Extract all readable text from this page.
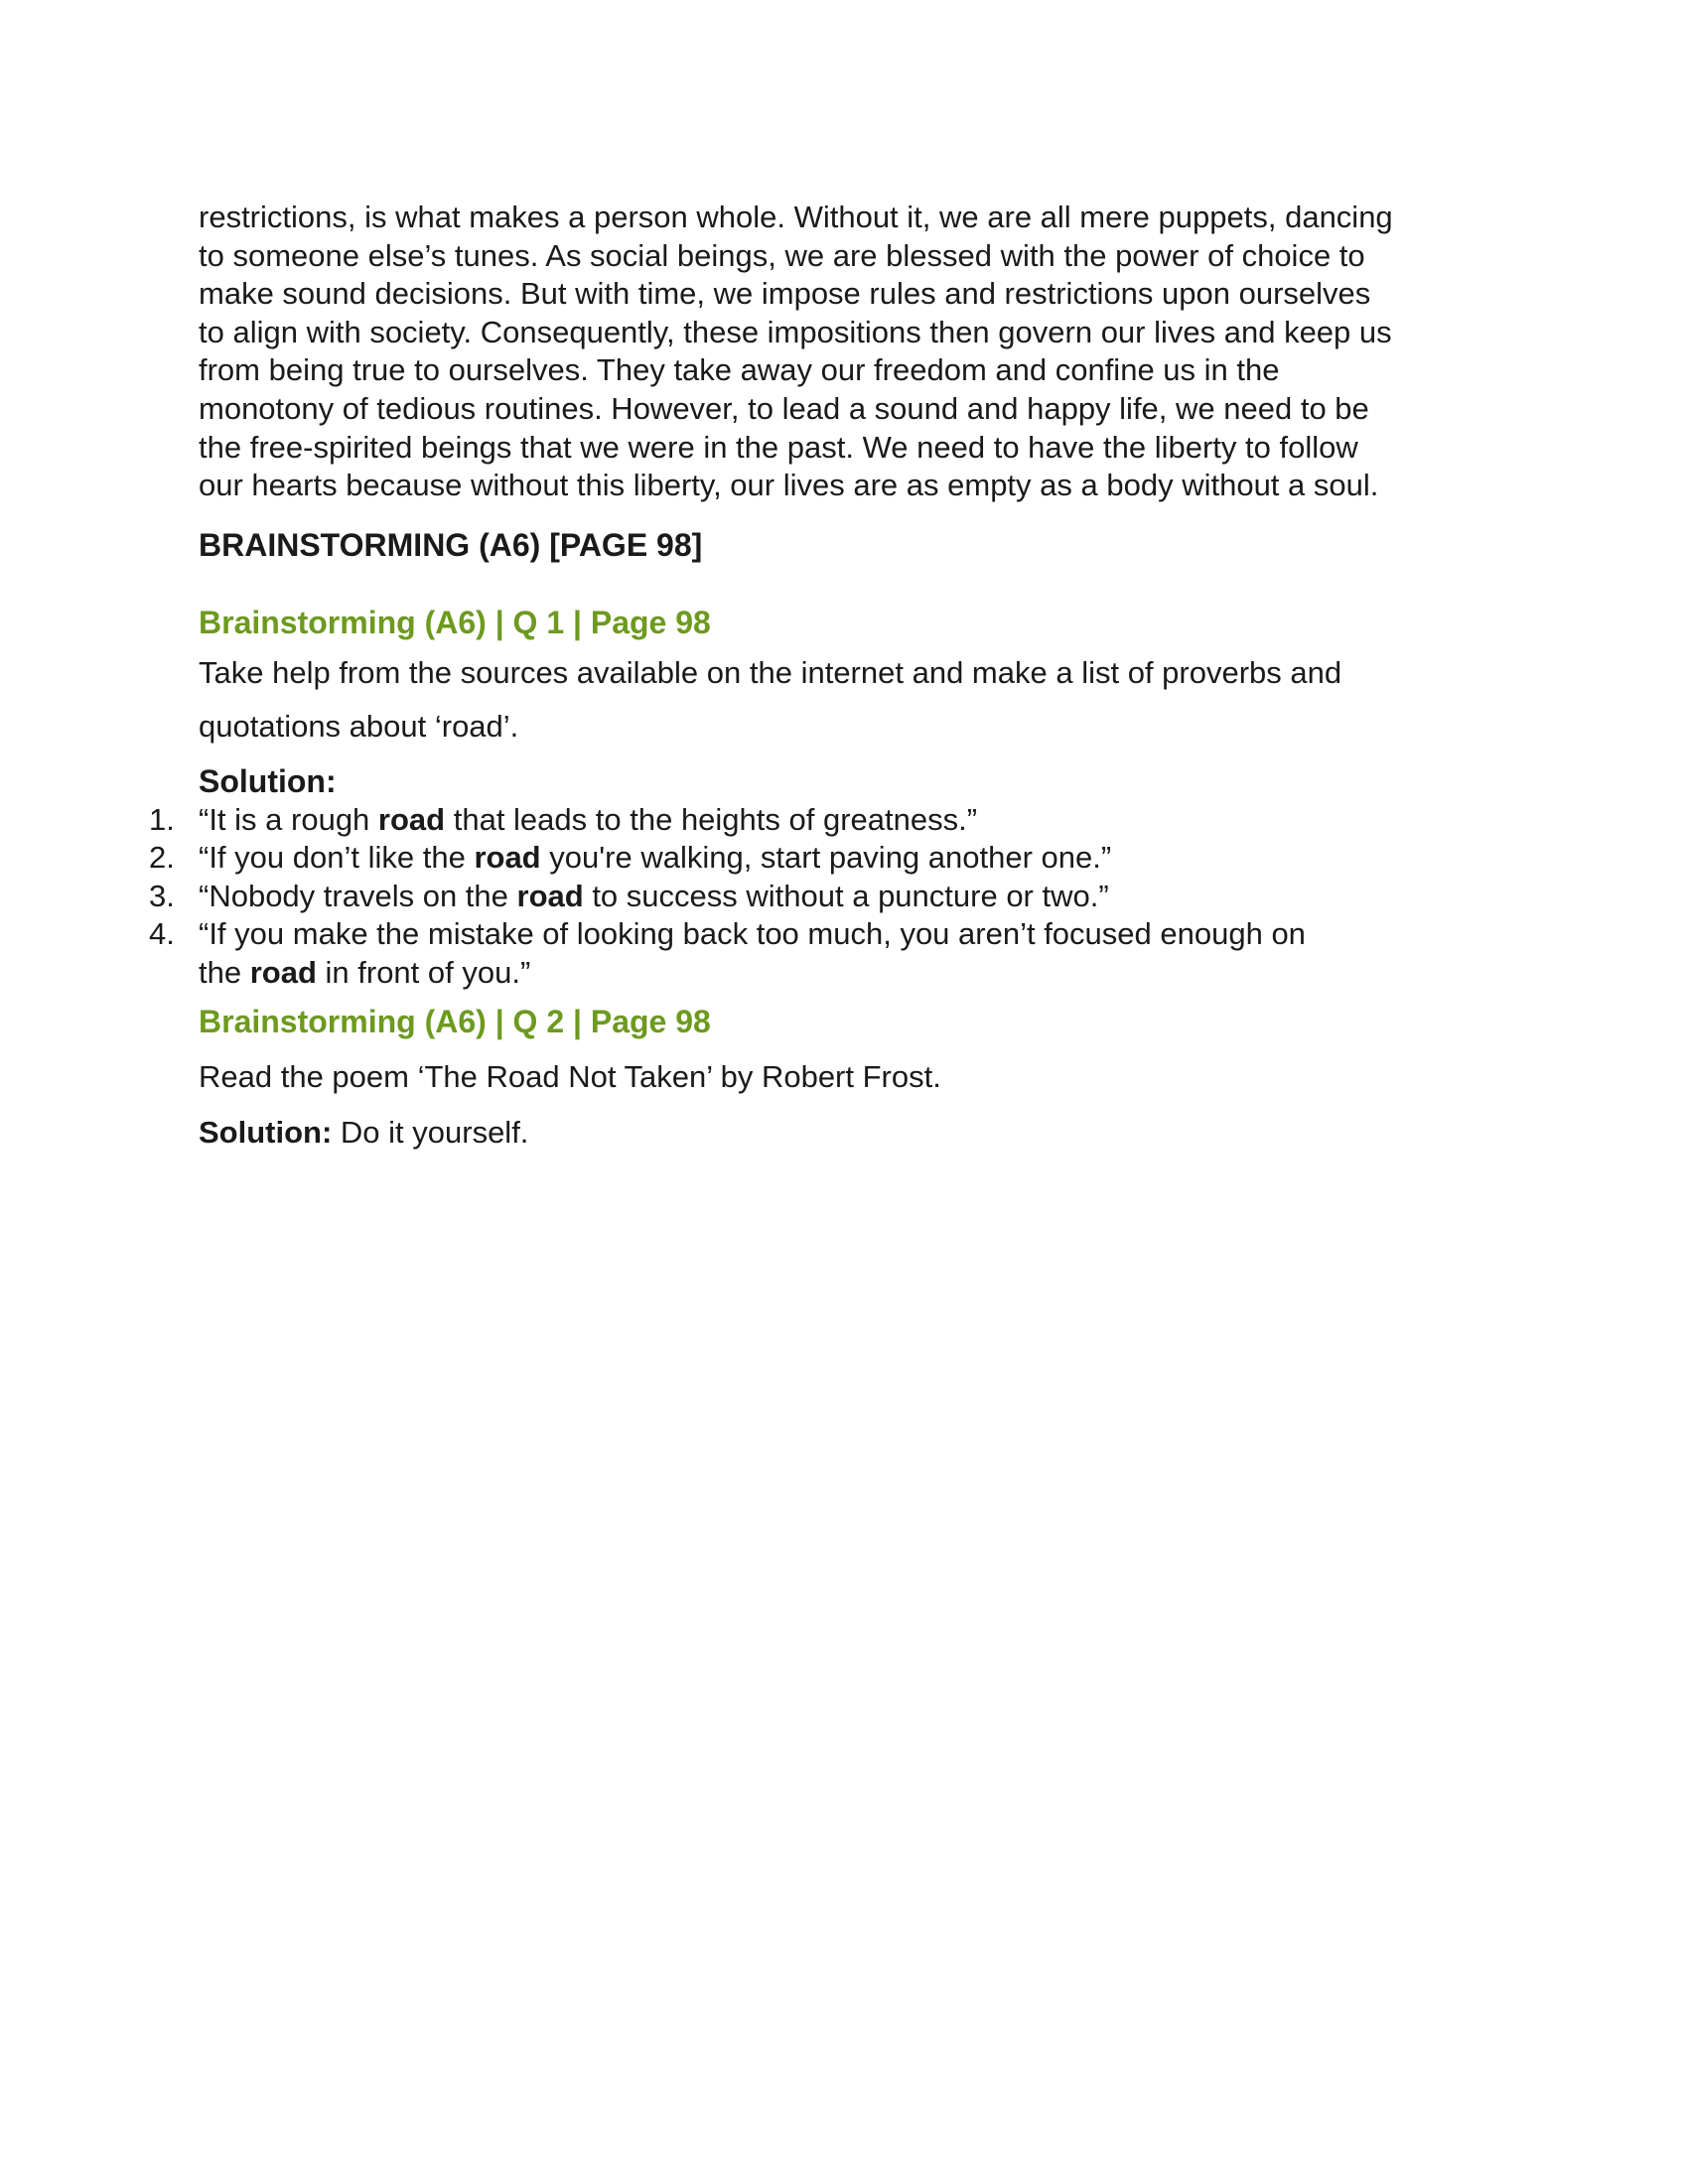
restrictions, is what makes a person whole. Without it, we are all mere puppets, dancing
to someone else’s tunes. As social beings, we are blessed with the power of choice to
make sound decisions. But with time, we impose rules and restrictions upon ourselves
to align with society. Consequently, these impositions then govern our lives and keep us
from being true to ourselves. They take away our freedom and confine us in the
monotony of tedious routines. However, to lead a sound and happy life, we need to be
the free-spirited beings that we were in the past. We need to have the liberty to follow
our hearts because without this liberty, our lives are as empty as a body without a soul.
BRAINSTORMING (A6) [PAGE 98]
Brainstorming (A6) | Q 1 | Page 98
Take help from the sources available on the internet and make a list of proverbs and
quotations about ‘road’.
Solution:
1. “It is a rough road that leads to the heights of greatness.”
2. “If you don’t like the road you're walking, start paving another one.”
3. “Nobody travels on the road to success without a puncture or two.”
4. “If you make the mistake of looking back too much, you aren’t focused enough on
the road in front of you.”
Brainstorming (A6) | Q 2 | Page 98
Read the poem ‘The Road Not Taken’ by Robert Frost.
Solution: Do it yourself.
